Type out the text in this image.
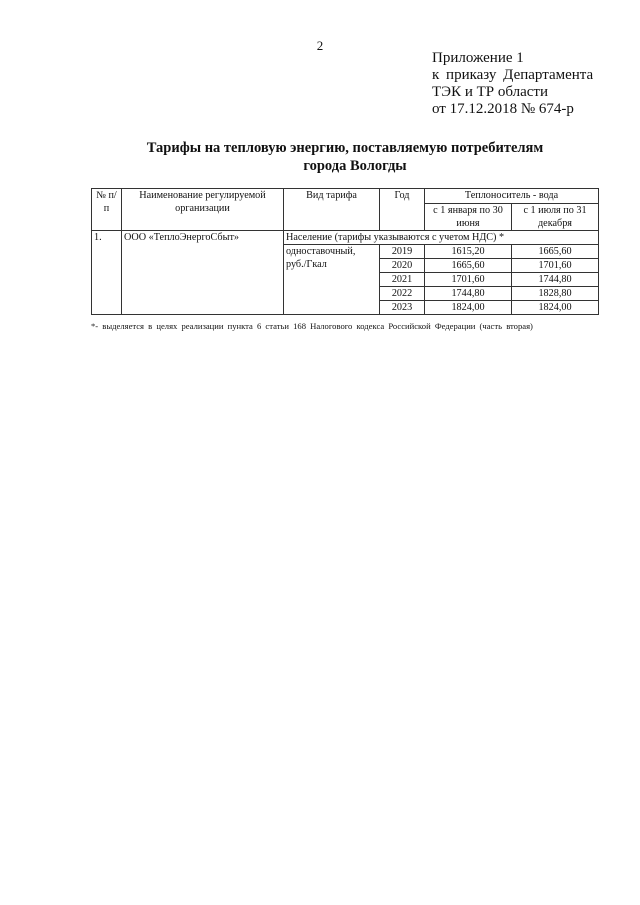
2
Приложение 1
к приказу Департамента
ТЭК и ТР области
от 17.12.2018 № 674-р
Тарифы на тепловую энергию, поставляемую потребителям
города Вологды
№ п/п	Наименование регулируемой организации	Вид тарифа	Год	Теплоноситель - вода	
				с 1 января по 30 июня	с 1 июля по 31 декабря
1.	ООО «ТеплоЭнергоСбыт»	Население (тарифы указываются с учетом НДС) *			
		одноставочный, руб./Гкал	2019	1615,20	1665,60
			2020	1665,60	1701,60
			2021	1701,60	1744,80
			2022	1744,80	1828,80
			2023	1824,00	1824,00
*- выделяется в целях реализации пункта 6 статьи 168 Налогового кодекса Российской Федерации (часть вторая)
